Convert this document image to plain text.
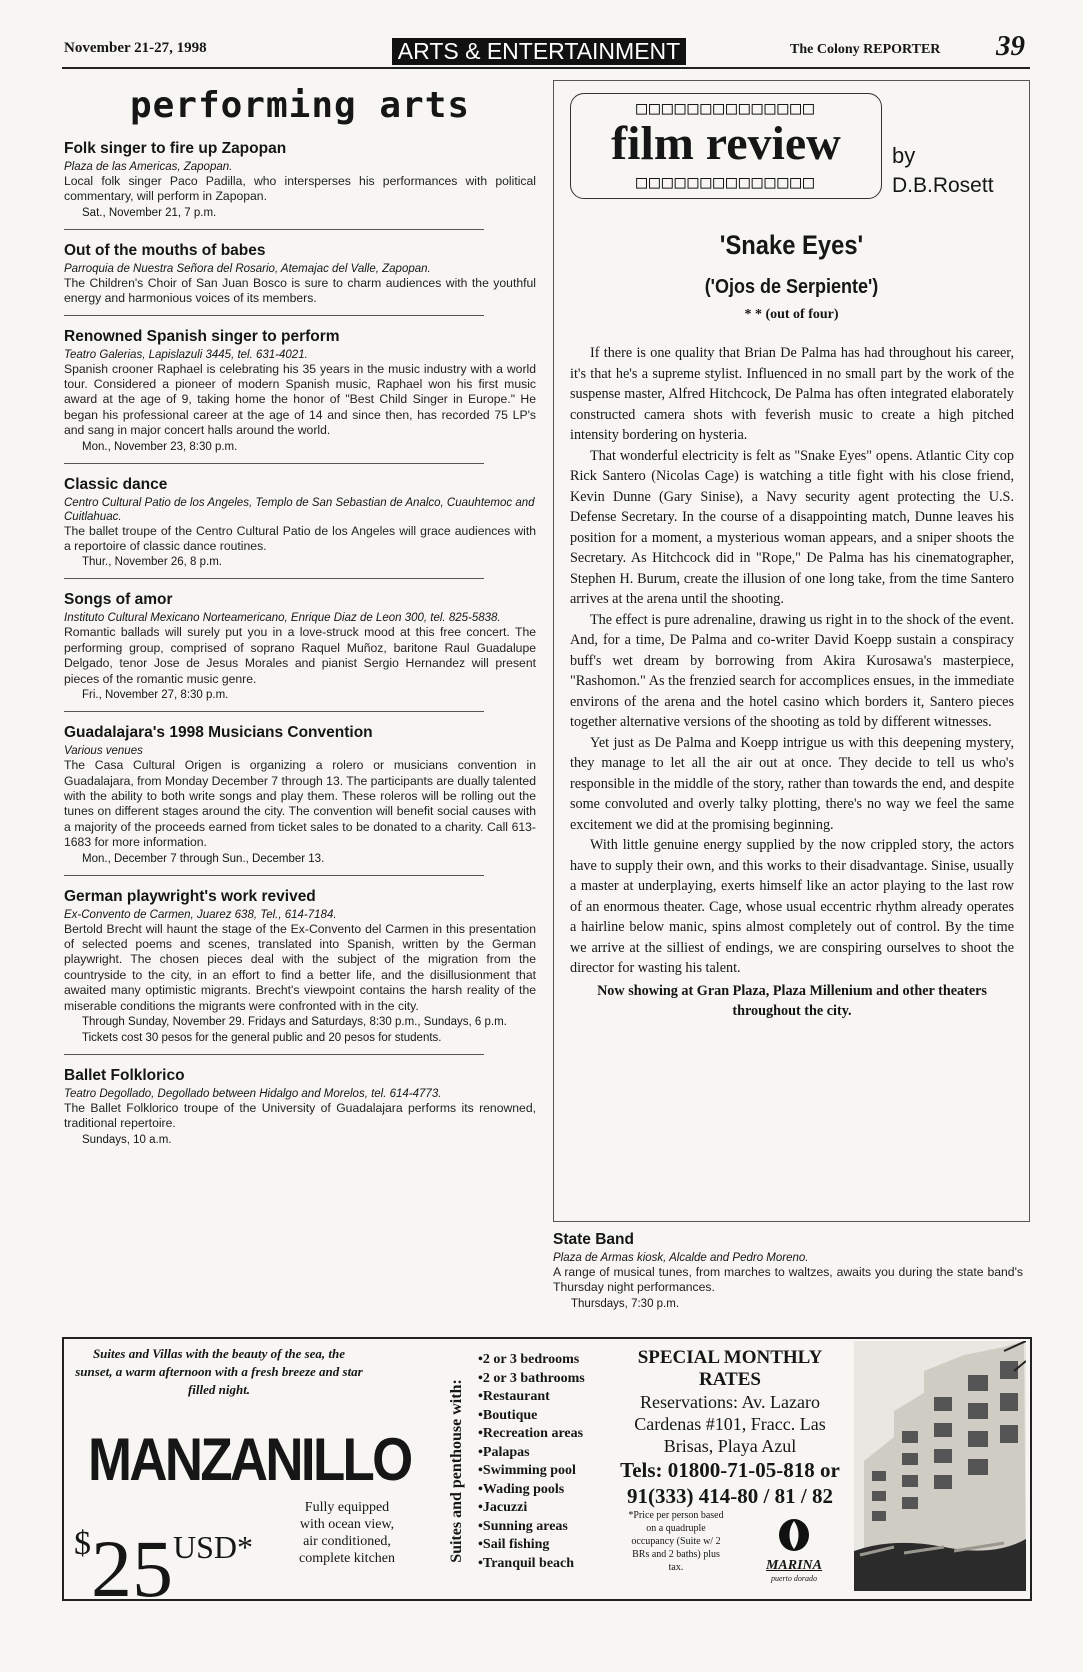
November 21-27, 1998	ARTS & ENTERTAINMENT	The Colony REPORTER 39
performing arts
Folk singer to fire up Zapopan

Plaza de las Americas, Zapopan.

Local folk singer Paco Padilla, who intersperses his performances with political commentary, will perform in Zapopan.

Sat., November 21, 7 p.m.

Out of the mouths of babes

Parroquia de Nuestra Señora del Rosario, Atemajac del Valle, Zapopan.

The Children's Choir of San Juan Bosco is sure to charm audiences with the youthful energy and harmonious voices of its members.

Renowned Spanish singer to perform

Teatro Galerias, Lapislazuli 3445, tel. 631-4021.

Spanish crooner Raphael is celebrating his 35 years in the music industry with a world tour. Considered a pioneer of modern Spanish music, Raphael won his first music award at the age of 9, taking home the honor of "Best Child Singer in Europe." He began his professional career at the age of 14 and since then, has recorded 75 LP's and sang in major concert halls around the world.

Mon., November 23, 8:30 p.m.

Classic dance

Centro Cultural Patio de los Angeles, Templo de San Sebastian de Analco, Cuauhtemoc and Cuitlahuac.

The ballet troupe of the Centro Cultural Patio de los Angeles will grace audiences with a reportoire of classic dance routines.

Thur., November 26, 8 p.m.

Songs of amor

Instituto Cultural Mexicano Norteamericano, Enrique Diaz de Leon 300, tel. 825-5838.

Romantic ballads will surely put you in a love-struck mood at this free concert. The performing group, comprised of soprano Raquel Muñoz, baritone Raul Guadalupe Delgado, tenor Jose de Jesus Morales and pianist Sergio Hernandez will present pieces of the romantic music genre.

Fri., November 27, 8:30 p.m.

Guadalajara's 1998 Musicians Convention

Various venues

The Casa Cultural Origen is organizing a rolero or musicians convention in Guadalajara, from Monday December 7 through 13. The participants are dually talented with the ability to both write songs and play them. These roleros will be rolling out the tunes on different stages around the city. The convention will benefit social causes with a majority of the proceeds earned from ticket sales to be donated to a charity. Call 613-1683 for more information.

Mon., December 7 through Sun., December 13.

German playwright's work revived

Ex-Convento de Carmen, Juarez 638, Tel., 614-7184.

Bertold Brecht will haunt the stage of the Ex-Convento del Carmen in this presentation of selected poems and scenes, translated into Spanish, written by the German playwright. The chosen pieces deal with the subject of the migration from the countryside to the city, in an effort to find a better life, and the disillusionment that awaited many optimistic migrants. Brecht's viewpoint contains the harsh reality of the miserable conditions the migrants were confronted with in the city.

Through Sunday, November 29. Fridays and Saturdays, 8:30 p.m., Sundays, 6 p.m.

Tickets cost 30 pesos for the general public and 20 pesos for students.

Ballet Folklorico

Teatro Degollado, Degollado between Hidalgo and Morelos, tel. 614-4773.

The Ballet Folklorico troupe of the University of Guadalajara performs its renowned, traditional repertoire.

Sundays, 10 a.m.

□□□□□□□□□□□□□□
film review
□□□□□□□□□□□□□□
by
D.B.Rosett
'Snake Eyes'
('Ojos de Serpiente')
* * (out of four)

If there is one quality that Brian De Palma has had throughout his career, it's that he's a supreme stylist. Influenced in no small part by the work of the suspense master, Alfred Hitchcock, De Palma has often integrated elaborately constructed camera shots with feverish music to create a high pitched intensity bordering on hysteria.

That wonderful electricity is felt as "Snake Eyes" opens. Atlantic City cop Rick Santero (Nicolas Cage) is watching a title fight with his close friend, Kevin Dunne (Gary Sinise), a Navy security agent protecting the U.S. Defense Secretary. In the course of a disappointing match, Dunne leaves his position for a moment, a mysterious woman appears, and a sniper shoots the Secretary. As Hitchcock did in "Rope," De Palma has his cinematographer, Stephen H. Burum, create the illusion of one long take, from the time Santero arrives at the arena until the shooting.

The effect is pure adrenaline, drawing us right in to the shock of the event. And, for a time, De Palma and co-writer David Koepp sustain a conspiracy buff's wet dream by borrowing from Akira Kurosawa's masterpiece, "Rashomon." As the frenzied search for accomplices ensues, in the immediate environs of the arena and the hotel casino which borders it, Santero pieces together alternative versions of the shooting as told by different witnesses.

Yet just as De Palma and Koepp intrigue us with this deepening mystery, they manage to let all the air out at once. They decide to tell us who's responsible in the middle of the story, rather than towards the end, and despite some convoluted and overly talky plotting, there's no way we feel the same excitement we did at the promising beginning.

With little genuine energy supplied by the now crippled story, the actors have to supply their own, and this works to their disadvantage. Sinise, usually a master at underplaying, exerts himself like an actor playing to the last row of an enormous theater. Cage, whose usual eccentric rhythm already operates a hairline below manic, spins almost completely out of control. By the time we arrive at the silliest of endings, we are conspiring ourselves to shoot the director for wasting his talent.

Now showing at Gran Plaza, Plaza Millenium and other theaters throughout the city.

State Band

Plaza de Armas kiosk, Alcalde and Pedro Moreno.

A range of musical tunes, from marches to waltzes, awaits you during the state band's Thursday night performances.

Thursdays, 7:30 p.m.

Suites and Villas with the beauty of the sea, the sunset, a warm afternoon with a fresh breeze and star filled night.
MANZANILLO
$^{\$}25^{USD*}$
Fully equipped with ocean view, air conditioned, complete kitchen	Suites and penthouse with:
• 2 or 3 bedrooms
• 2 or 3 bathrooms
• Restaurant
• Boutique
• Recreation areas
• Palapas
• Swimming pool
• Wading pools
• Jacuzzi
• Sunning areas
• Sail fishing
• Tranquil beach
SPECIAL MONTHLY RATES
Reservations: Av. Lazaro Cardenas #101, Fracc. Las Brisas, Playa Azul
Tels: 01800-71-05-818 or 91(333) 414-80 / 81 / 82
*Price per person based on a quadruple occupancy (Suite w/ 2 BRs and 2 baths) plus tax.	MARINA
puerto dorado
